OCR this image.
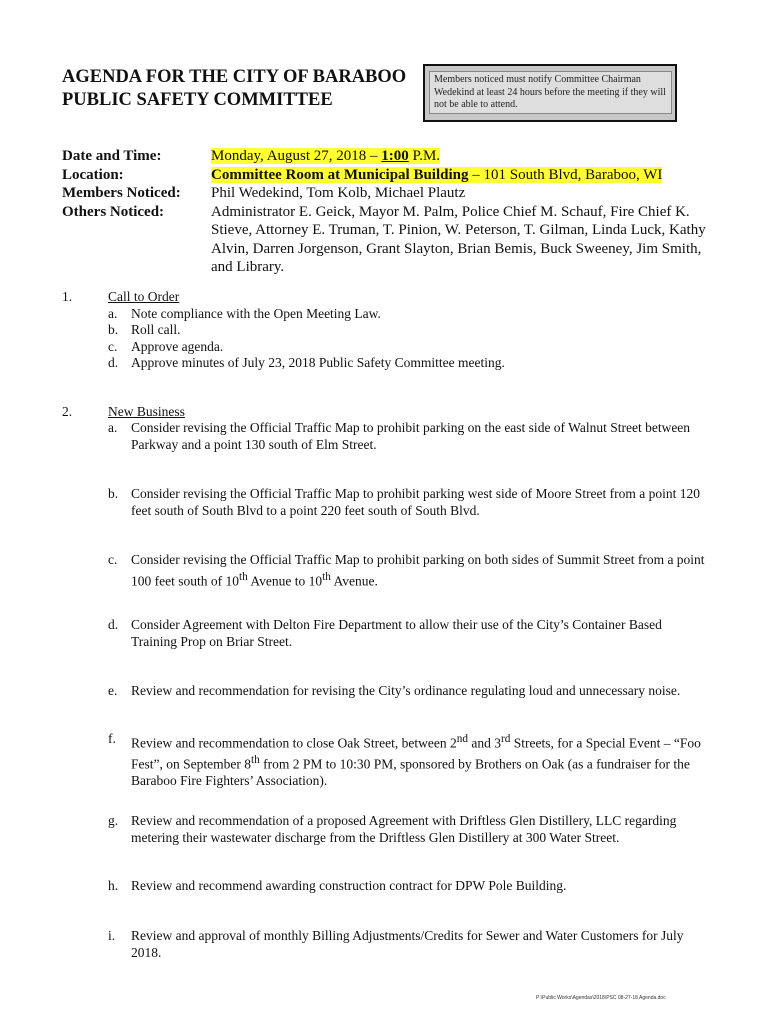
AGENDA FOR THE CITY OF BARABOO
PUBLIC SAFETY COMMITTEE
Members noticed must notify Committee Chairman Wedekind at least 24 hours before the meeting if they will not be able to attend.
Date and Time:	Monday, August 27, 2018 – 1:00 P.M.
Location:	Committee Room at Municipal Building – 101 South Blvd, Baraboo, WI
Members Noticed:	Phil Wedekind, Tom Kolb, Michael Plautz
Others Noticed:	Administrator E. Geick, Mayor M. Palm, Police Chief M. Schauf, Fire Chief K. Stieve, Attorney E. Truman, T. Pinion, W. Peterson, T. Gilman, Linda Luck, Kathy Alvin, Darren Jorgenson, Grant Slayton, Brian Bemis, Buck Sweeney, Jim Smith, and Library.
1.	Call to Order
a.	Note compliance with the Open Meeting Law.
b. Roll call.
c.	Approve agenda.
d. Approve minutes of July 23, 2018 Public Safety Committee meeting.
2.	New Business
a.	Consider revising the Official Traffic Map to prohibit parking on the east side of Walnut Street between Parkway and a point 130 south of Elm Street.
b. Consider revising the Official Traffic Map to prohibit parking west side of Moore Street from a point 120 feet south of South Blvd to a point 220 feet south of South Blvd.
c.	Consider revising the Official Traffic Map to prohibit parking on both sides of Summit Street from a point 100 feet south of 10th Avenue to 10th Avenue.
d. Consider Agreement with Delton Fire Department to allow their use of the City’s Container Based Training Prop on Briar Street.
e.	Review and recommendation for revising the City’s ordinance regulating loud and unnecessary noise.
f.	Review and recommendation to close Oak Street, between 2nd and 3rd Streets, for a Special Event – “Foo Fest”, on September 8th from 2 PM to 10:30 PM, sponsored by Brothers on Oak (as a fundraiser for the Baraboo Fire Fighters’ Association).
g. Review and recommendation of a proposed Agreement with Driftless Glen Distillery, LLC regarding metering their wastewater discharge from the Driftless Glen Distillery at 300 Water Street.
h. Review and recommend awarding construction contract for DPW Pole Building.
i.	Review and approval of monthly Billing Adjustments/Credits for Sewer and Water Customers for July 2018.
P:\Public Works\Agendas\2018\PSC 08-27-18 Agenda.doc
